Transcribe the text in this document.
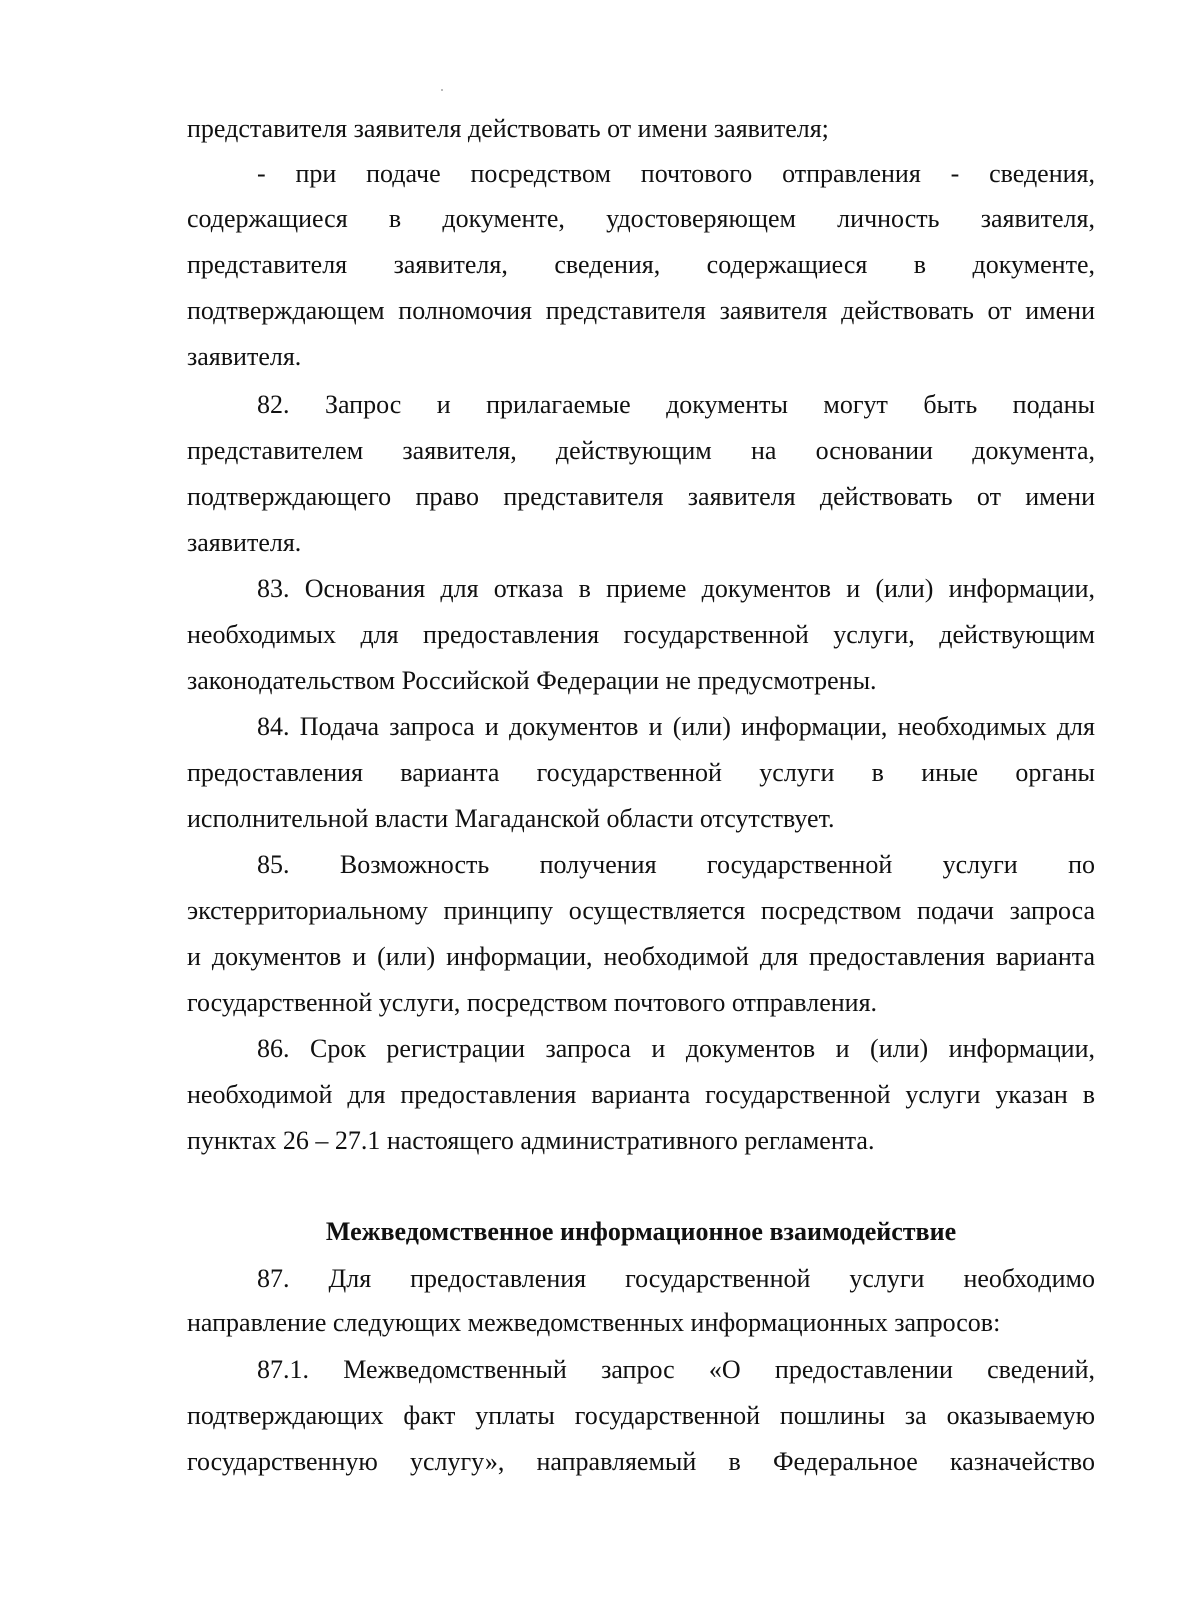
представителя заявителя действовать от имени заявителя;
- при подаче посредством почтового отправления - сведения,
содержащиеся в документе, удостоверяющем личность заявителя,
представителя заявителя, сведения, содержащиеся в документе,
подтверждающем полномочия представителя заявителя действовать от имени
заявителя.
82. Запрос и прилагаемые документы могут быть поданы
представителем заявителя, действующим на основании документа,
подтверждающего право представителя заявителя действовать от имени
заявителя.
83. Основания для отказа в приеме документов и (или) информации,
необходимых для предоставления государственной услуги, действующим
законодательством Российской Федерации не предусмотрены.
84. Подача запроса и документов и (или) информации, необходимых для
предоставления варианта государственной услуги в иные органы
исполнительной власти Магаданской области отсутствует.
85. Возможность получения государственной услуги по
экстерриториальному принципу осуществляется посредством подачи запроса
и документов и (или) информации, необходимой для предоставления варианта
государственной услуги, посредством почтового отправления.
86. Срок регистрации запроса и документов и (или) информации,
необходимой для предоставления варианта государственной услуги указан в
пунктах 26 – 27.1 настоящего административного регламента.
Межведомственное информационное взаимодействие
87. Для предоставления государственной услуги необходимо
направление следующих межведомственных информационных запросов:
87.1. Межведомственный запрос «О предоставлении сведений,
подтверждающих факт уплаты государственной пошлины за оказываемую
государственную услугу», направляемый в Федеральное казначейство
